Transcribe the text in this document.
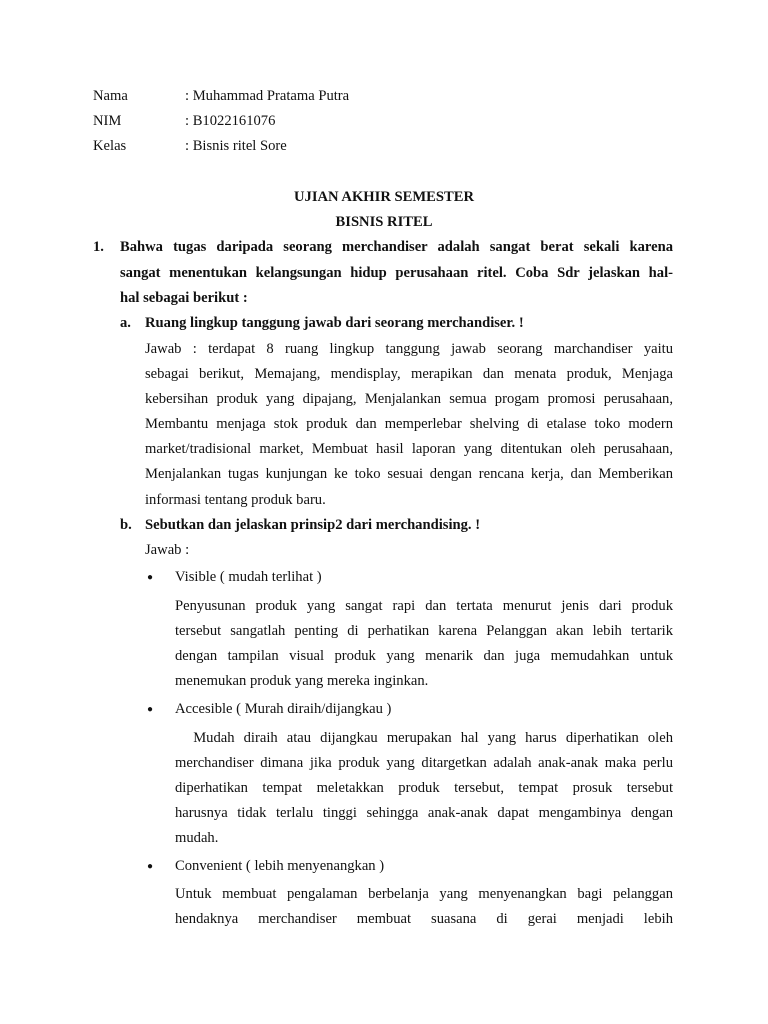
Nama	: Muhammad Pratama Putra
NIM	: B1022161076
Kelas	: Bisnis ritel Sore
UJIAN AKHIR SEMESTER
BISNIS RITEL
1. Bahwa tugas daripada seorang merchandiser adalah sangat berat sekali karena
sangat menentukan kelangsungan hidup perusahaan ritel. Coba Sdr jelaskan hal-
hal sebagai berikut :
a. Ruang lingkup tanggung jawab dari seorang merchandiser. !
Jawab : terdapat 8 ruang lingkup tanggung jawab seorang marchandiser yaitu
sebagai berikut, Memajang, mendisplay, merapikan dan menata produk, Menjaga
kebersihan produk yang dipajang, Menjalankan semua progam promosi perusahaan,
Membantu menjaga stok produk dan memperlebar shelving di etalase toko modern
market/tradisional market, Membuat hasil laporan yang ditentukan oleh perusahaan,
Menjalankan tugas kunjungan ke toko sesuai dengan rencana kerja, dan Memberikan
informasi tentang produk baru.
b. Sebutkan dan jelaskan prinsip2 dari merchandising. !
Jawab :
● Visible ( mudah terlihat )
Penyusunan produk yang sangat rapi dan tertata menurut jenis dari produk
tersebut sangatlah penting di perhatikan karena Pelanggan akan lebih tertarik
dengan tampilan visual produk yang menarik dan juga memudahkan untuk
menemukan produk yang mereka inginkan.
● Accesible ( Murah diraih/dijangkau )
Mudah diraih atau dijangkau merupakan hal yang harus diperhatikan oleh
merchandiser dimana jika produk yang ditargetkan adalah anak-anak maka perlu
diperhatikan tempat meletakkan produk tersebut, tempat prosuk tersebut
harusnya tidak terlalu tinggi sehingga anak-anak dapat mengambinya dengan
mudah.
● Convenient ( lebih menyenangkan )
Untuk membuat pengalaman berbelanja yang menyenangkan bagi pelanggan
hendaknya merchandiser membuat suasana di gerai menjadi lebih
